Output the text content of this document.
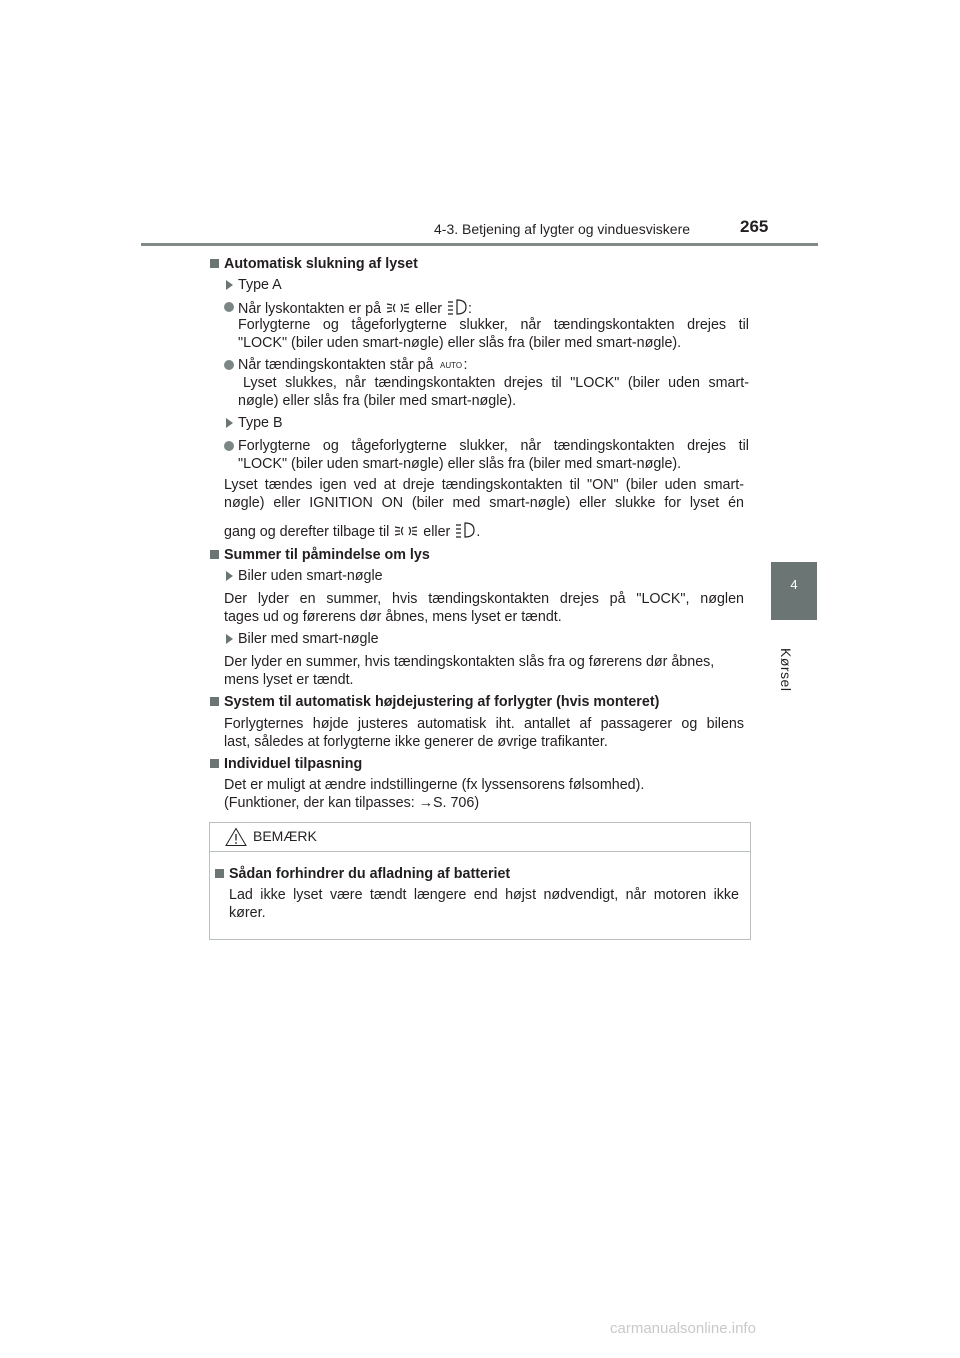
4-3. Betjening af lygter og vinduesviskere	265
4
Kørsel
Automatisk slukning af lyset
Type A
Når lyskontakten er på eller :
Forlygterne og tågeforlygterne slukker, når tændingskontakten drejes til
"LOCK" (biler uden smart-nøgle) eller slås fra (biler med smart-nøgle).
Når tændingskontakten står på AUTO :
Lyset slukkes, når tændingskontakten drejes til "LOCK" (biler uden smart-
nøgle) eller slås fra (biler med smart-nøgle).
Type B
Forlygterne og tågeforlygterne slukker, når tændingskontakten drejes til
"LOCK" (biler uden smart-nøgle) eller slås fra (biler med smart-nøgle).
Lyset tændes igen ved at dreje tændingskontakten til "ON" (biler uden smart-
nøgle) eller IGNITION ON (biler med smart-nøgle) eller slukke for lyset én
gang og derefter tilbage til eller .
Summer til påmindelse om lys
Biler uden smart-nøgle
Der lyder en summer, hvis tændingskontakten drejes på "LOCK", nøglen
tages ud og førerens dør åbnes, mens lyset er tændt.
Biler med smart-nøgle
Der lyder en summer, hvis tændingskontakten slås fra og førerens dør åbnes,
mens lyset er tændt.
System til automatisk højdejustering af forlygter (hvis monteret)
Forlygternes højde justeres automatisk iht. antallet af passagerer og bilens
last, således at forlygterne ikke generer de øvrige trafikanter.
Individuel tilpasning
Det er muligt at ændre indstillingerne (fx lyssensorens følsomhed).
(Funktioner, der kan tilpasses: →S. 706)
BEMÆRK
Sådan forhindrer du afladning af batteriet
Lad ikke lyset være tændt længere end højst nødvendigt, når motoren ikke
kører.
carmanualsonline.info
